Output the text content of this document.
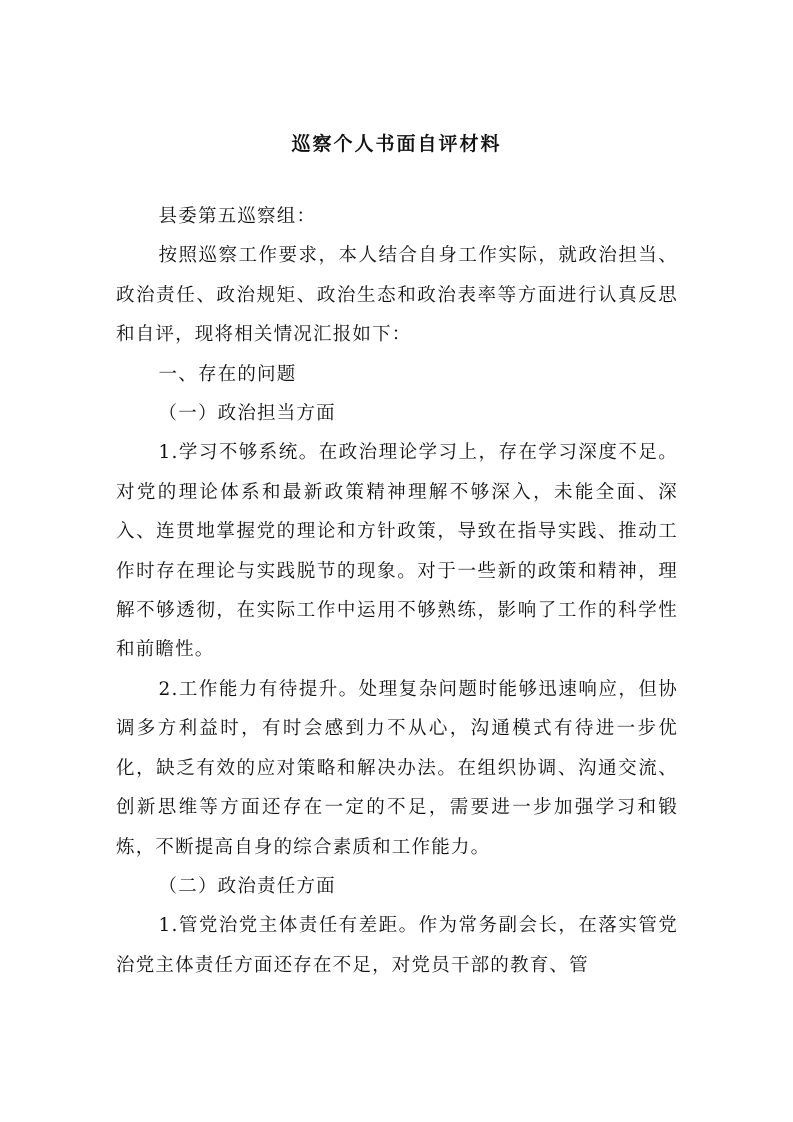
巡察个人书面自评材料

县委第五巡察组：

按照巡察工作要求，本人结合自身工作实际，就政治担当、政治责任、政治规矩、政治生态和政治表率等方面进行认真反思和自评，现将相关情况汇报如下：

一、存在的问题

（一）政治担当方面

1.学习不够系统。在政治理论学习上，存在学习深度不足。对党的理论体系和最新政策精神理解不够深入，未能全面、深入、连贯地掌握党的理论和方针政策，导致在指导实践、推动工作时存在理论与实践脱节的现象。对于一些新的政策和精神，理解不够透彻，在实际工作中运用不够熟练，影响了工作的科学性和前瞻性。

2.工作能力有待提升。处理复杂问题时能够迅速响应，但协调多方利益时，有时会感到力不从心，沟通模式有待进一步优化，缺乏有效的应对策略和解决办法。在组织协调、沟通交流、创新思维等方面还存在一定的不足，需要进一步加强学习和锻炼，不断提高自身的综合素质和工作能力。

（二）政治责任方面

1.管党治党主体责任有差距。作为常务副会长，在落实管党治党主体责任方面还存在不足，对党员干部的教育、管
